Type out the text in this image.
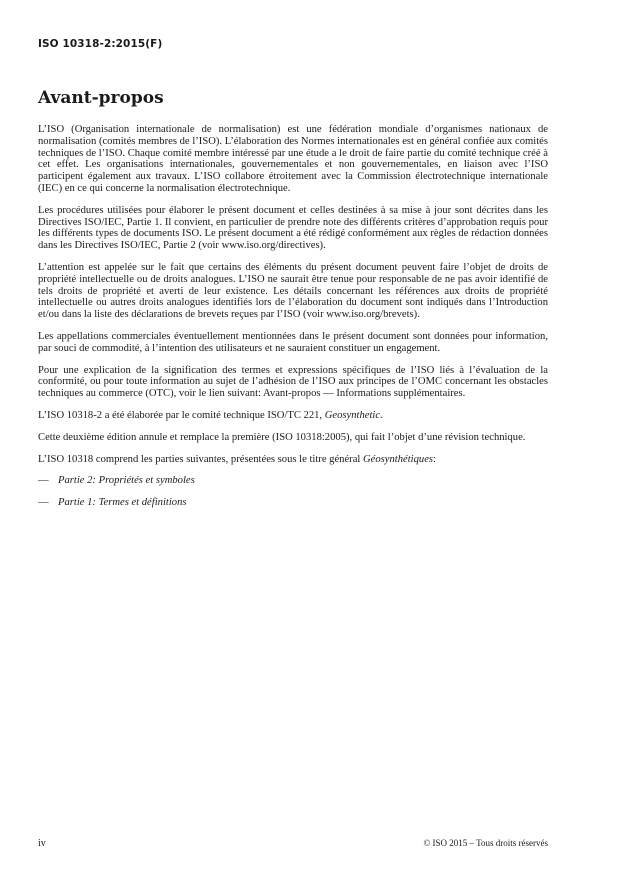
ISO 10318-2:2015(F)
Avant-propos

L’ISO (Organisation internationale de normalisation) est une fédération mondiale d’organismes nationaux de normalisation (comités membres de l’ISO). L’élaboration des Normes internationales est en général confiée aux comités techniques de l’ISO. Chaque comité membre intéressé par une étude a le droit de faire partie du comité technique créé à cet effet. Les organisations internationales, gouvernementales et non gouvernementales, en liaison avec l’ISO participent également aux travaux. L’ISO collabore étroitement avec la Commission électrotechnique internationale (IEC) en ce qui concerne la normalisation électrotechnique.

Les procédures utilisées pour élaborer le présent document et celles destinées à sa mise à jour sont décrites dans les Directives ISO/IEC, Partie 1. Il convient, en particulier de prendre note des différents critères d’approbation requis pour les différents types de documents ISO. Le présent document a été rédigé conformément aux règles de rédaction données dans les Directives ISO/IEC, Partie 2 (voir www.iso.org/directives).

L’attention est appelée sur le fait que certains des éléments du présent document peuvent faire l’objet de droits de propriété intellectuelle ou de droits analogues. L’ISO ne saurait être tenue pour responsable de ne pas avoir identifié de tels droits de propriété et averti de leur existence. Les détails concernant les références aux droits de propriété intellectuelle ou autres droits analogues identifiés lors de l’élaboration du document sont indiqués dans l’Introduction et/ou dans la liste des déclarations de brevets reçues par l’ISO (voir www.iso.org/brevets).

Les appellations commerciales éventuellement mentionnées dans le présent document sont données pour information, par souci de commodité, à l’intention des utilisateurs et ne sauraient constituer un engagement.

Pour une explication de la signification des termes et expressions spécifiques de l’ISO liés à l’évaluation de la conformité, ou pour toute information au sujet de l’adhésion de l’ISO aux principes de l’OMC concernant les obstacles techniques au commerce (OTC), voir le lien suivant: Avant-propos — Informations supplémentaires.

L’ISO 10318-2 a été élaborée par le comité technique ISO/TC 221, Geosynthetic.

Cette deuxième édition annule et remplace la première (ISO 10318:2005), qui fait l’objet d’une révision technique.

L’ISO 10318 comprend les parties suivantes, présentées sous le titre général Géosynthétiques:

— Partie 2: Propriétés et symboles

— Partie 1: Termes et définitions

iv	© ISO 2015 – Tous droits réservés
